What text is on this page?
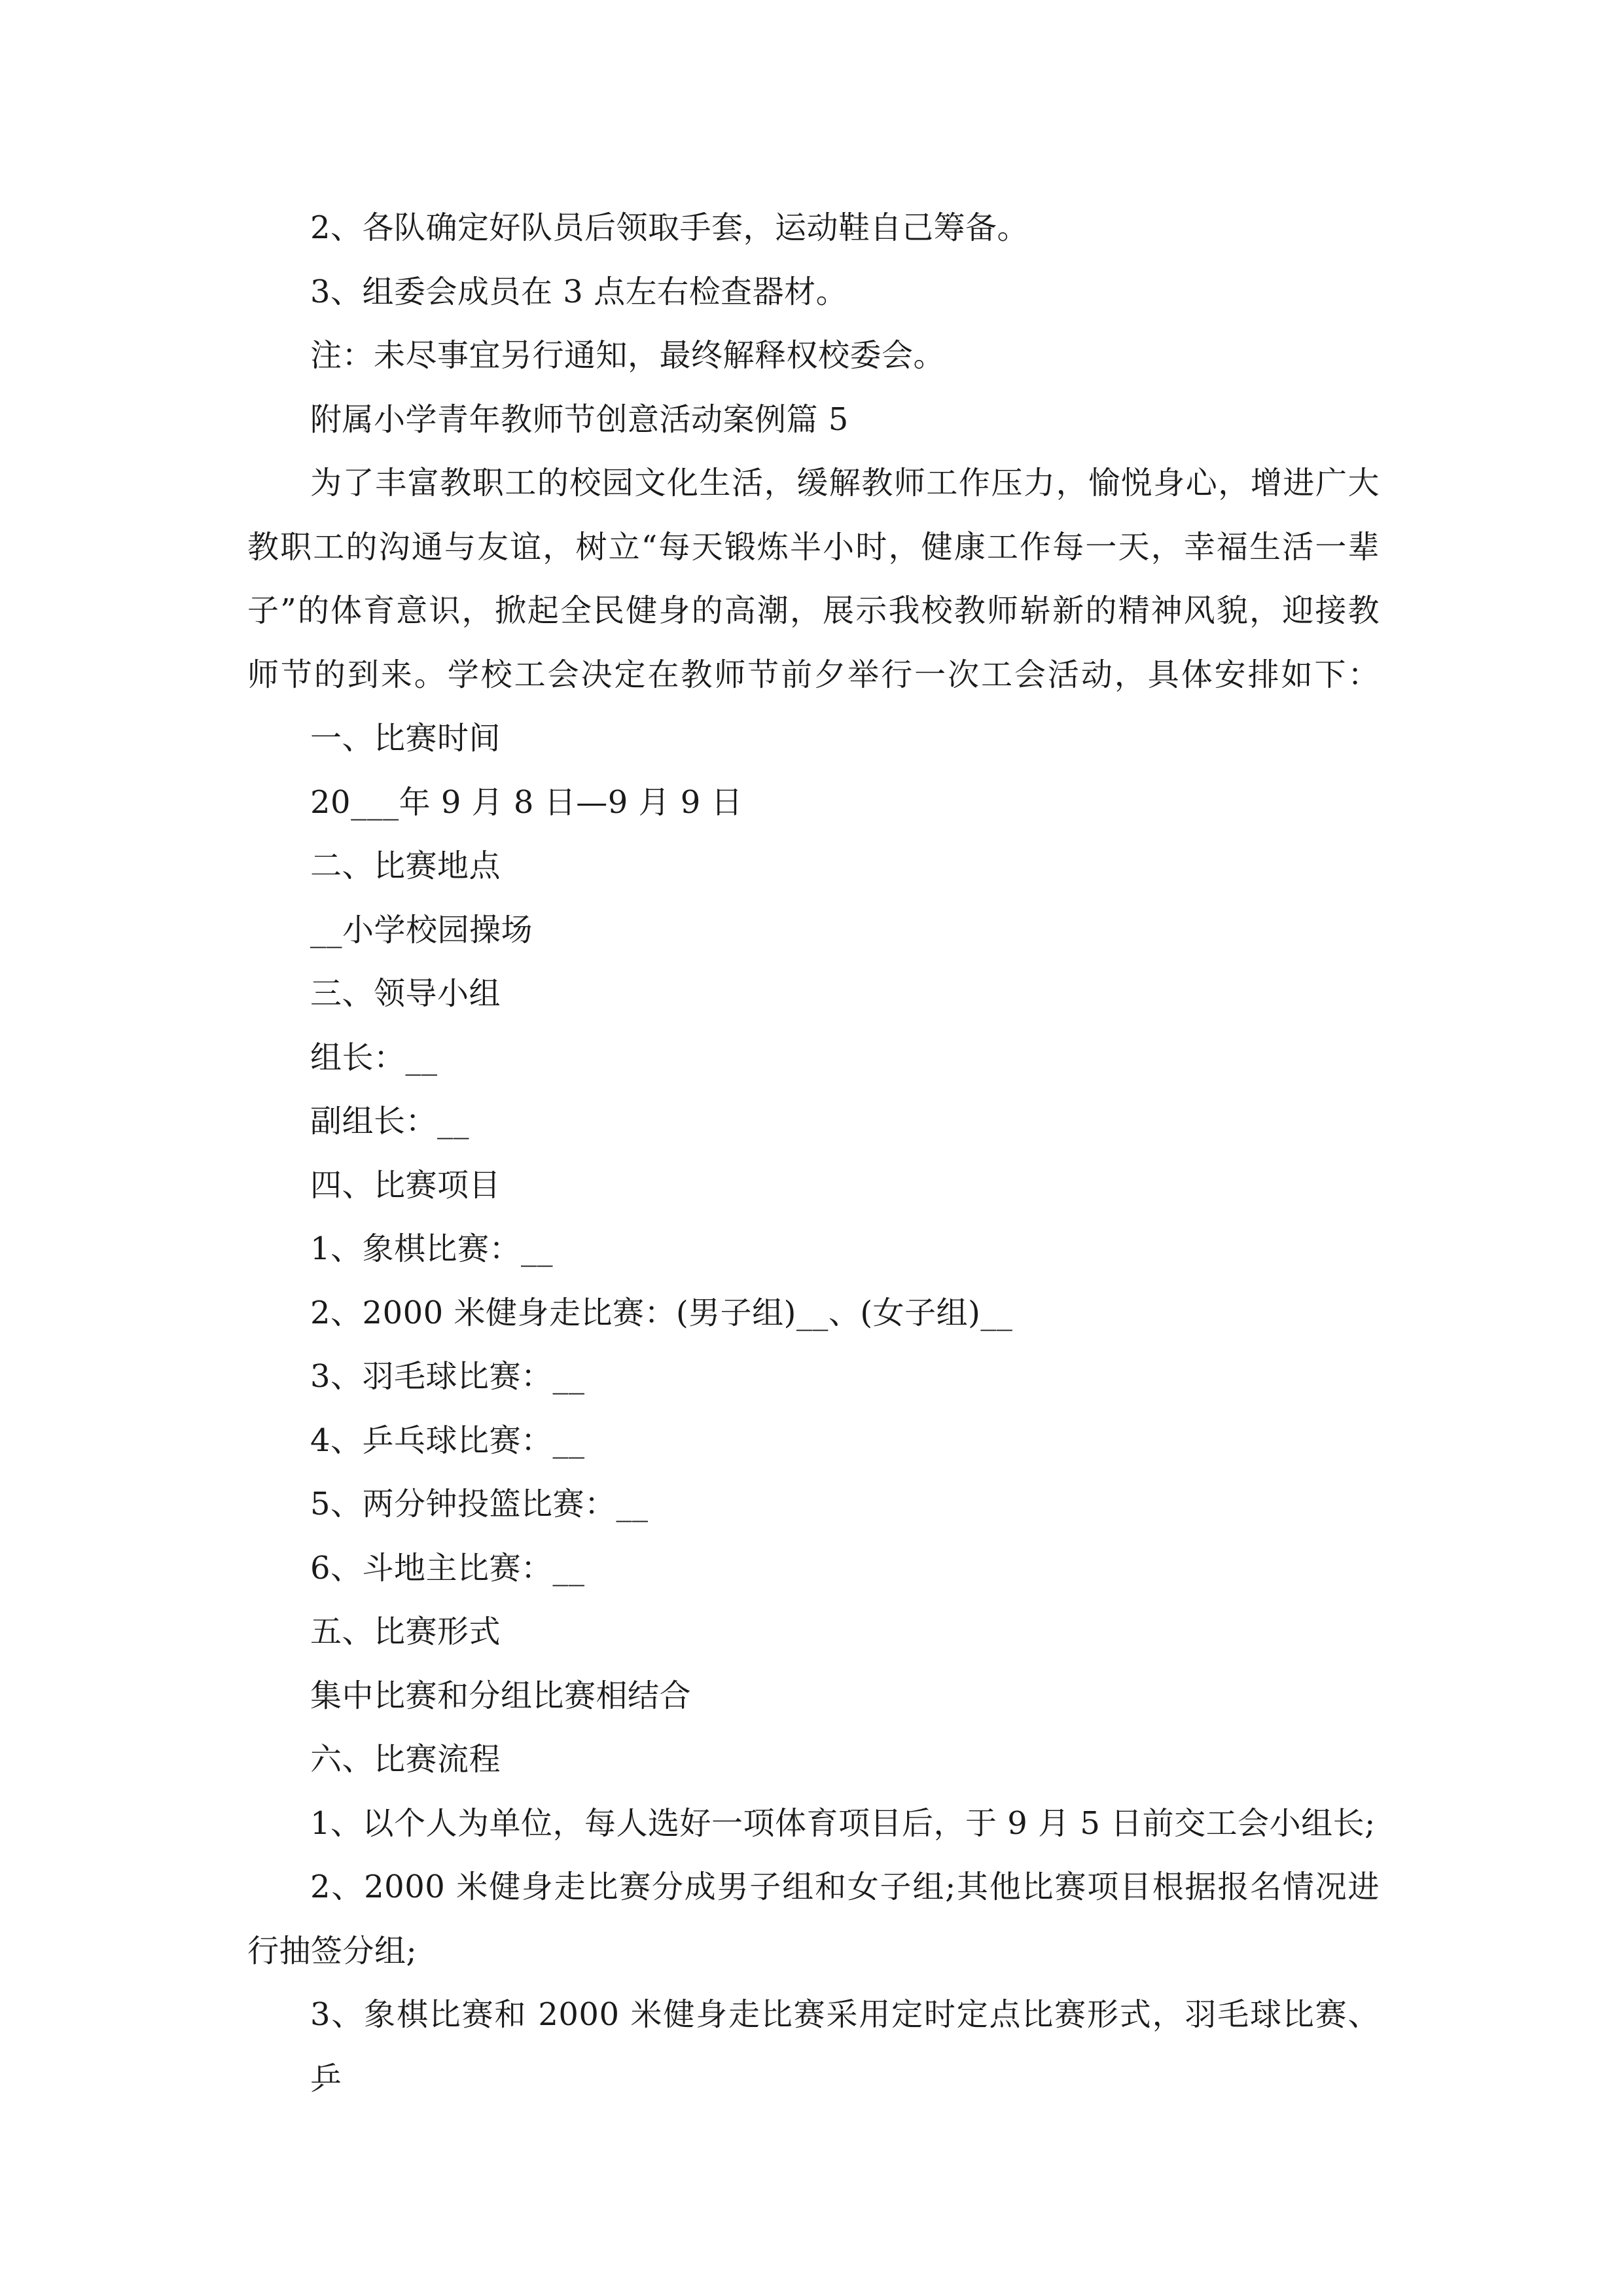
2、各队确定好队员后领取手套，运动鞋自己筹备。
3、组委会成员在 3 点左右检查器材。
注：未尽事宜另行通知，最终解释权校委会。
附属小学青年教师节创意活动案例篇 5
为了丰富教职工的校园文化生活，缓解教师工作压力，愉悦身心，增进广大
教职工的沟通与友谊，树立“每天锻炼半小时，健康工作每一天，幸福生活一辈
子”的体育意识，掀起全民健身的高潮，展示我校教师崭新的精神风貌，迎接教
师节的到来。学校工会决定在教师节前夕举行一次工会活动，具体安排如下：
一、比赛时间
20___年 9 月 8 日—9 月 9 日
二、比赛地点
__小学校园操场
三、领导小组
组长：__
副组长：__
四、比赛项目
1、象棋比赛：__
2、2000 米健身走比赛：(男子组)__、(女子组)__
3、羽毛球比赛：__
4、乒乓球比赛：__
5、两分钟投篮比赛：__
6、斗地主比赛：__
五、比赛形式
集中比赛和分组比赛相结合
六、比赛流程
1、以个人为单位，每人选好一项体育项目后，于 9 月 5 日前交工会小组长;
2、2000 米健身走比赛分成男子组和女子组;其他比赛项目根据报名情况进
行抽签分组;
3、象棋比赛和 2000 米健身走比赛采用定时定点比赛形式，羽毛球比赛、乒
